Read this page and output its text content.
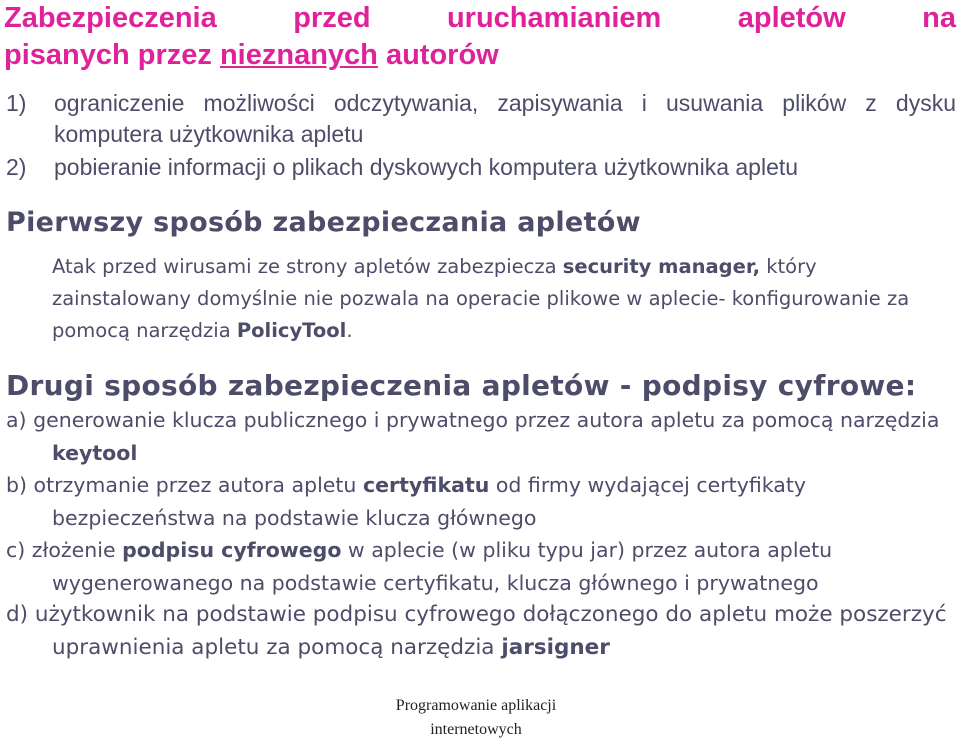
Zabezpieczenia	przed	uruchamianiem	apletów	na
pisanych przez nieznanych autorów
1) ograniczenie możliwości odczytywania, zapisywania i usuwania plików z dysku komputera użytkownika apletu
2) pobieranie informacji o plikach dyskowych komputera użytkownika apletu
Pierwszy sposób zabezpieczania apletów
Atak przed wirusami ze strony apletów zabezpiecza security manager, który zainstalowany domyślnie nie pozwala na operacie plikowe w aplecie- konfigurowanie za pomocą narzędzia PolicyTool.
Drugi sposób zabezpieczenia apletów - podpisy cyfrowe:
a) generowanie klucza publicznego i prywatnego przez autora apletu za pomocą narzędzia keytool
b) otrzymanie przez autora apletu certyfikatu od firmy wydającej certyfikaty bezpieczeństwa na podstawie klucza głównego
c) złożenie podpisu cyfrowego w aplecie (w pliku typu jar) przez autora apletu wygenerowanego na podstawie certyfikatu, klucza głównego i prywatnego
d) użytkownik na podstawie podpisu cyfrowego dołączonego do apletu może poszerzyć uprawnienia apletu za pomocą narzędzia jarsigner
Programowanie aplikacji internetowych
